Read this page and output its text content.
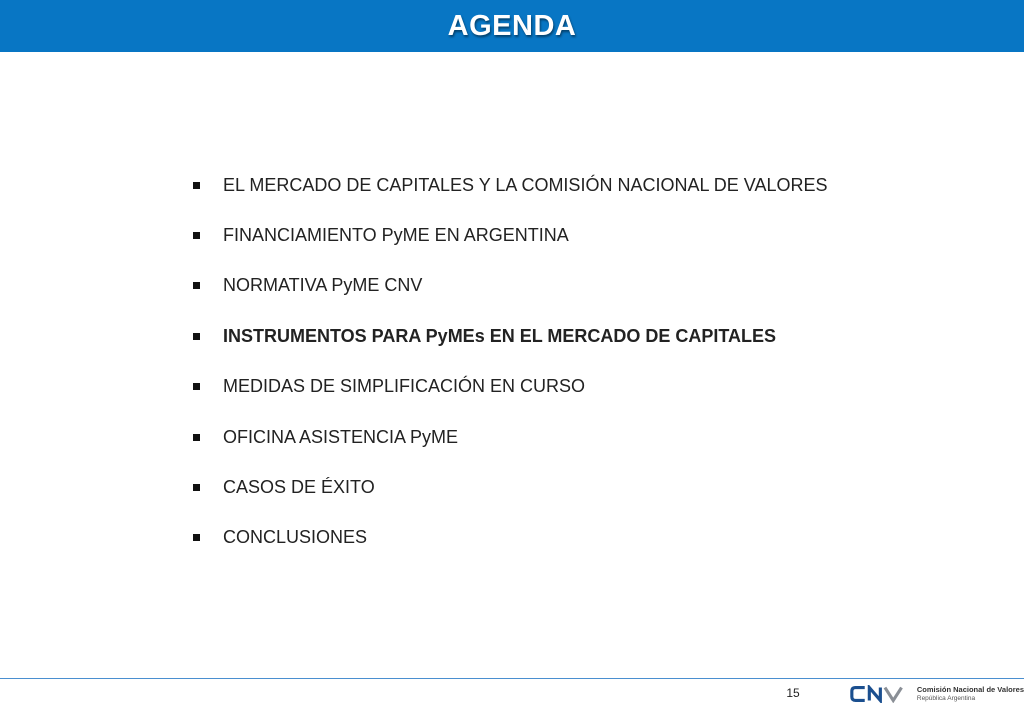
AGENDA
EL MERCADO DE CAPITALES Y LA COMISIÓN NACIONAL DE VALORES
FINANCIAMIENTO PyME EN ARGENTINA
NORMATIVA PyME CNV
INSTRUMENTOS PARA PyMEs EN EL MERCADO DE CAPITALES
MEDIDAS DE SIMPLIFICACIÓN EN CURSO
OFICINA ASISTENCIA PyME
CASOS DE ÉXITO
CONCLUSIONES
15	Comisión Nacional de Valores
República Argentina
